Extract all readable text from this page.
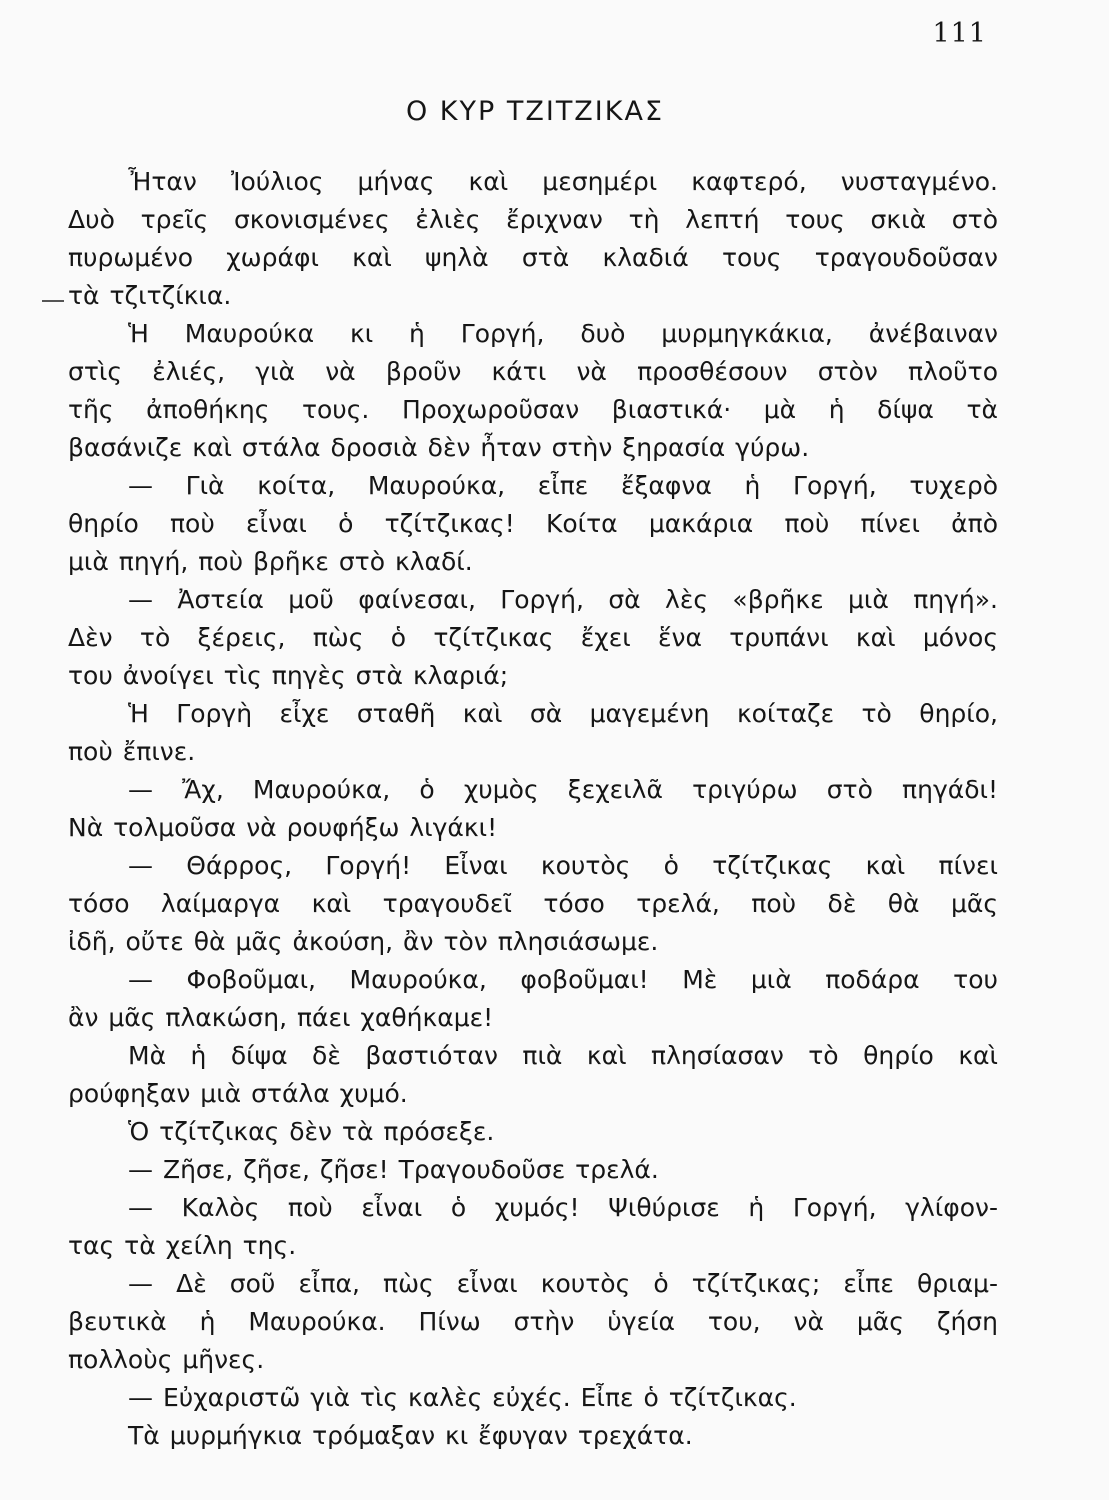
111
Ο ΚΥΡ ΤΖΙΤΖΙΚΑΣ
Ἦταν Ἰούλιος μήνας καὶ μεσημέρι καφτερό, νυσταγμένο.
Δυὸ τρεῖς σκονισμένες ἐλιὲς ἔριχναν τὴ λεπτή τους σκιὰ στὸ
πυρωμένο χωράφι καὶ ψηλὰ στὰ κλαδιά τους τραγουδοῦσαν
τὰ τζιτζίκια.
Ἡ Μαυρούκα κι ἡ Γοργή, δυὸ μυρμηγκάκια, ἀνέβαιναν
στὶς ἐλιές, γιὰ νὰ βροῦν κάτι νὰ προσθέσουν στὸν πλοῦτο
τῆς ἀποθήκης τους. Προχωροῦσαν βιαστικά· μὰ ἡ δίψα τὰ
βασάνιζε καὶ στάλα δροσιὰ δὲν ἦταν στὴν ξηρασία γύρω.
— Γιὰ κοίτα, Μαυρούκα, εἶπε ἔξαφνα ἡ Γοργή, τυχερὸ
θηρίο ποὺ εἶναι ὁ τζίτζικας! Κοίτα μακάρια ποὺ πίνει ἀπὸ
μιὰ πηγή, ποὺ βρῆκε στὸ κλαδί.
— Ἀστεία μοῦ φαίνεσαι, Γοργή, σὰ λὲς «βρῆκε μιὰ πηγή».
Δὲν τὸ ξέρεις, πὼς ὁ τζίτζικας ἔχει ἕνα τρυπάνι καὶ μόνος
του ἀνοίγει τὶς πηγὲς στὰ κλαριά;
Ἡ Γοργὴ εἶχε σταθῆ καὶ σὰ μαγεμένη κοίταζε τὸ θηρίο,
ποὺ ἔπινε.
— Ἄχ, Μαυρούκα, ὁ χυμὸς ξεχειλᾶ τριγύρω στὸ πηγάδι!
Νὰ τολμοῦσα νὰ ρουφήξω λιγάκι!
— Θάρρος, Γοργή! Εἶναι κουτὸς ὁ τζίτζικας καὶ πίνει
τόσο λαίμαργα καὶ τραγουδεῖ τόσο τρελά, ποὺ δὲ θὰ μᾶς
ἰδῆ, οὔτε θὰ μᾶς ἀκούση, ἂν τὸν πλησιάσωμε.
— Φοβοῦμαι, Μαυρούκα, φοβοῦμαι! Μὲ μιὰ ποδάρα του
ἂν μᾶς πλακώση, πάει χαθήκαμε!
Μὰ ἡ δίψα δὲ βαστιόταν πιὰ καὶ πλησίασαν τὸ θηρίο καὶ
ρούφηξαν μιὰ στάλα χυμό.
Ὁ τζίτζικας δὲν τὰ πρόσεξε.
— Ζῆσε, ζῆσε, ζῆσε! Τραγουδοῦσε τρελά.
— Καλὸς ποὺ εἶναι ὁ χυμός! Ψιθύρισε ἡ Γοργή, γλίφον-
τας τὰ χείλη της.
— Δὲ σοῦ εἶπα, πὼς εἶναι κουτὸς ὁ τζίτζικας; εἶπε θριαμ-
βευτικὰ ἡ Μαυρούκα. Πίνω στὴν ὑγεία του, νὰ μᾶς ζήση
πολλοὺς μῆνες.
— Εὐχαριστῶ γιὰ τὶς καλὲς εὐχές. Εἶπε ὁ τζίτζικας.
Τὰ μυρμήγκια τρόμαξαν κι ἔφυγαν τρεχάτα.
